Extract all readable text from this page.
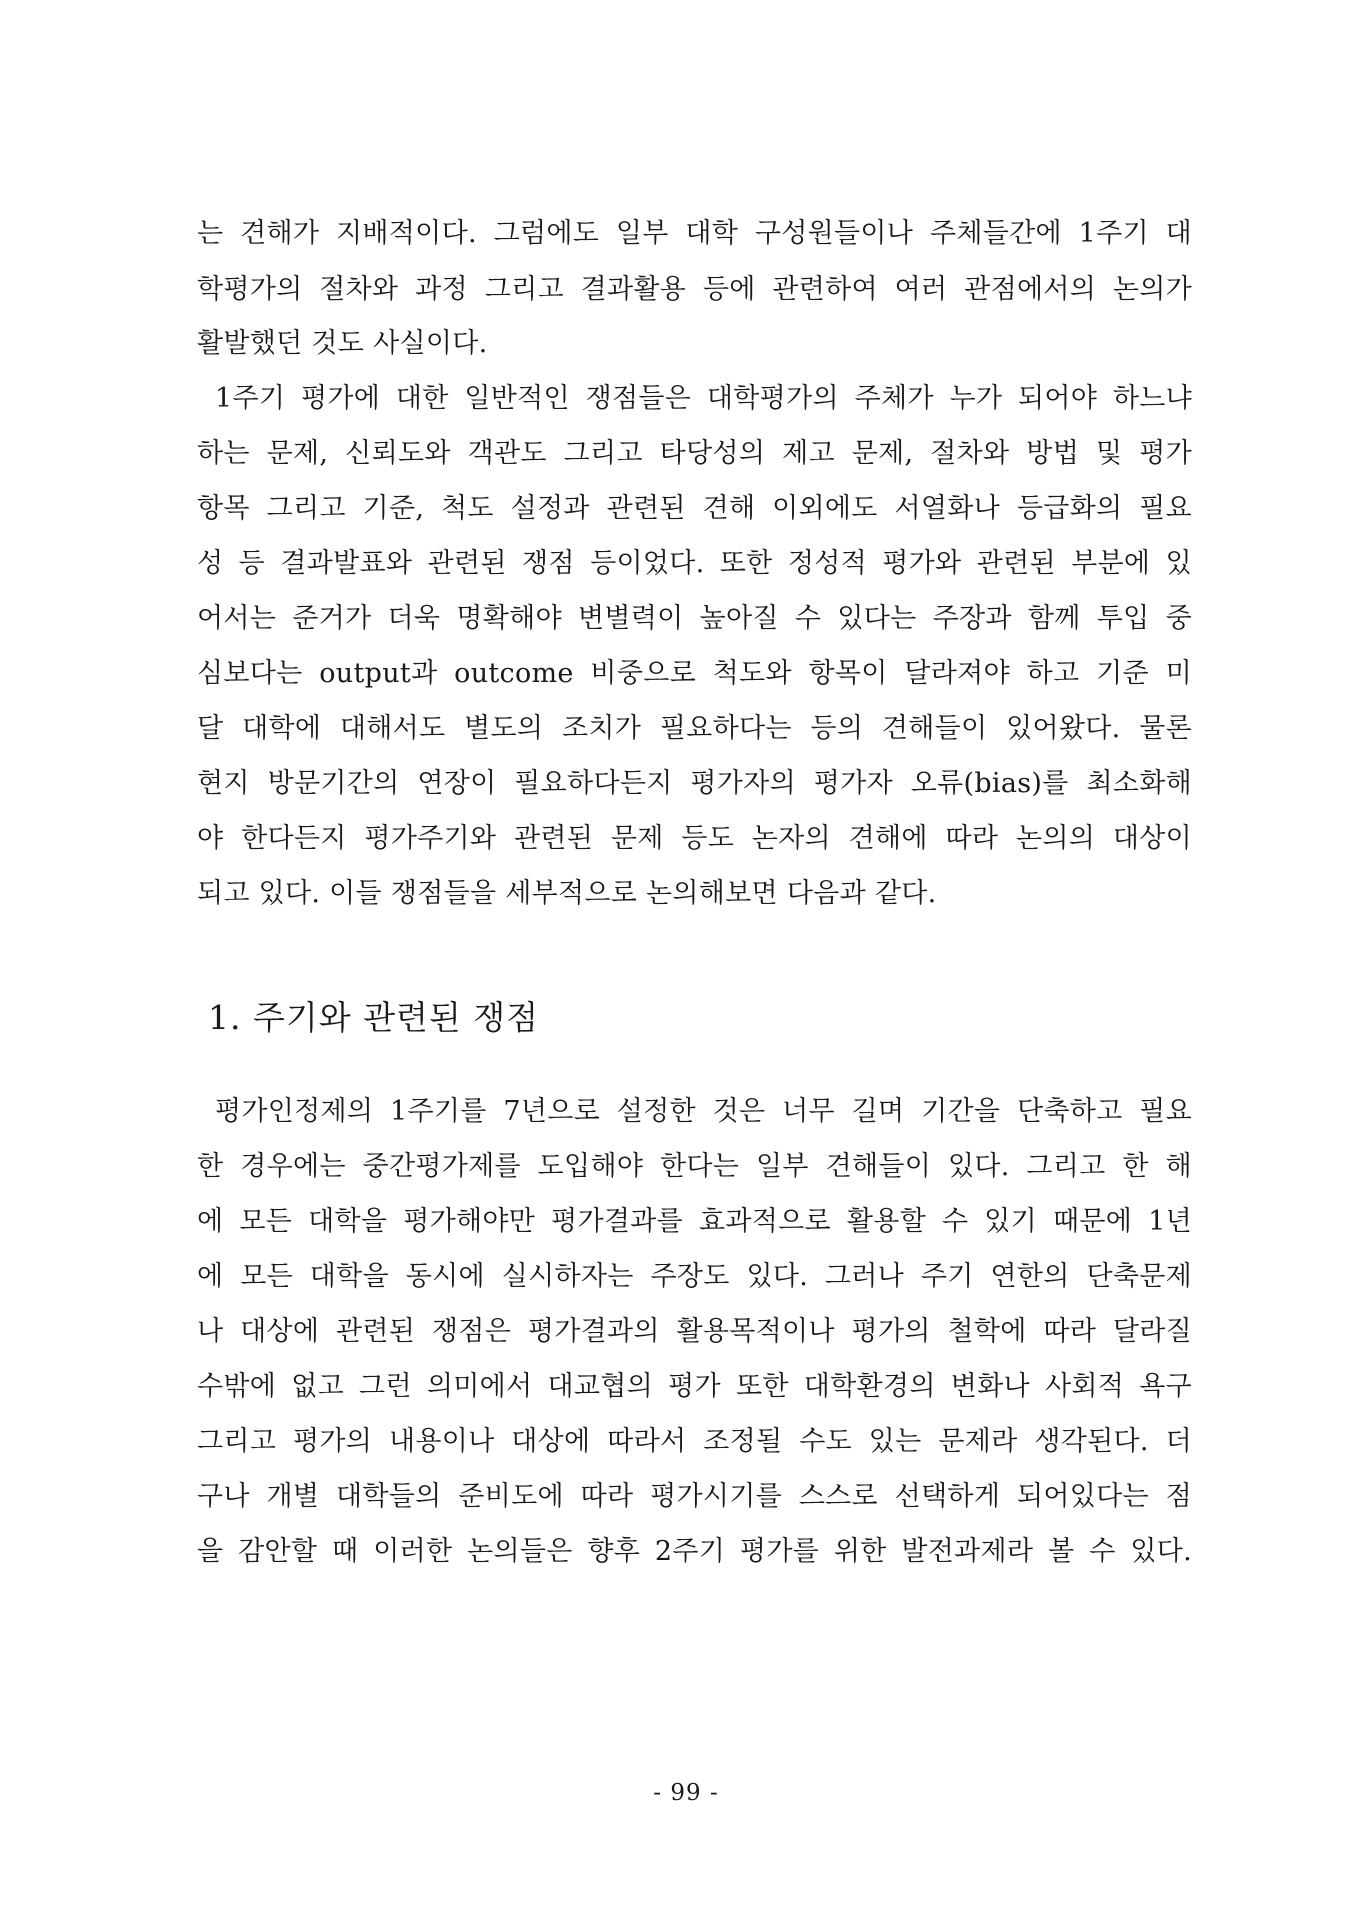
는 견해가 지배적이다. 그럼에도 일부 대학 구성원들이나 주체들간에 1주기 대
학평가의 절차와 과정 그리고 결과활용 등에 관련하여 여러 관점에서의 논의가
활발했던 것도 사실이다.
1주기 평가에 대한 일반적인 쟁점들은 대학평가의 주체가 누가 되어야 하느냐
하는 문제, 신뢰도와 객관도 그리고 타당성의 제고 문제, 절차와 방법 및 평가
항목 그리고 기준, 척도 설정과 관련된 견해 이외에도 서열화나 등급화의 필요
성 등 결과발표와 관련된 쟁점 등이었다. 또한 정성적 평가와 관련된 부분에 있
어서는 준거가 더욱 명확해야 변별력이 높아질 수 있다는 주장과 함께 투입 중
심보다는 output과 outcome 비중으로 척도와 항목이 달라져야 하고 기준 미
달 대학에 대해서도 별도의 조치가 필요하다는 등의 견해들이 있어왔다. 물론
현지 방문기간의 연장이 필요하다든지 평가자의 평가자 오류(bias)를 최소화해
야 한다든지 평가주기와 관련된 문제 등도 논자의 견해에 따라 논의의 대상이
되고 있다. 이들 쟁점들을 세부적으로 논의해보면 다음과 같다.
1. 주기와 관련된 쟁점
평가인정제의 1주기를 7년으로 설정한 것은 너무 길며 기간을 단축하고 필요
한 경우에는 중간평가제를 도입해야 한다는 일부 견해들이 있다. 그리고 한 해
에 모든 대학을 평가해야만 평가결과를 효과적으로 활용할 수 있기 때문에 1년
에 모든 대학을 동시에 실시하자는 주장도 있다. 그러나 주기 연한의 단축문제
나 대상에 관련된 쟁점은 평가결과의 활용목적이나 평가의 철학에 따라 달라질
수밖에 없고 그런 의미에서 대교협의 평가 또한 대학환경의 변화나 사회적 욕구
그리고 평가의 내용이나 대상에 따라서 조정될 수도 있는 문제라 생각된다. 더
구나 개별 대학들의 준비도에 따라 평가시기를 스스로 선택하게 되어있다는 점
을 감안할 때 이러한 논의들은 향후 2주기 평가를 위한 발전과제라 볼 수 있다.
- 99 -
